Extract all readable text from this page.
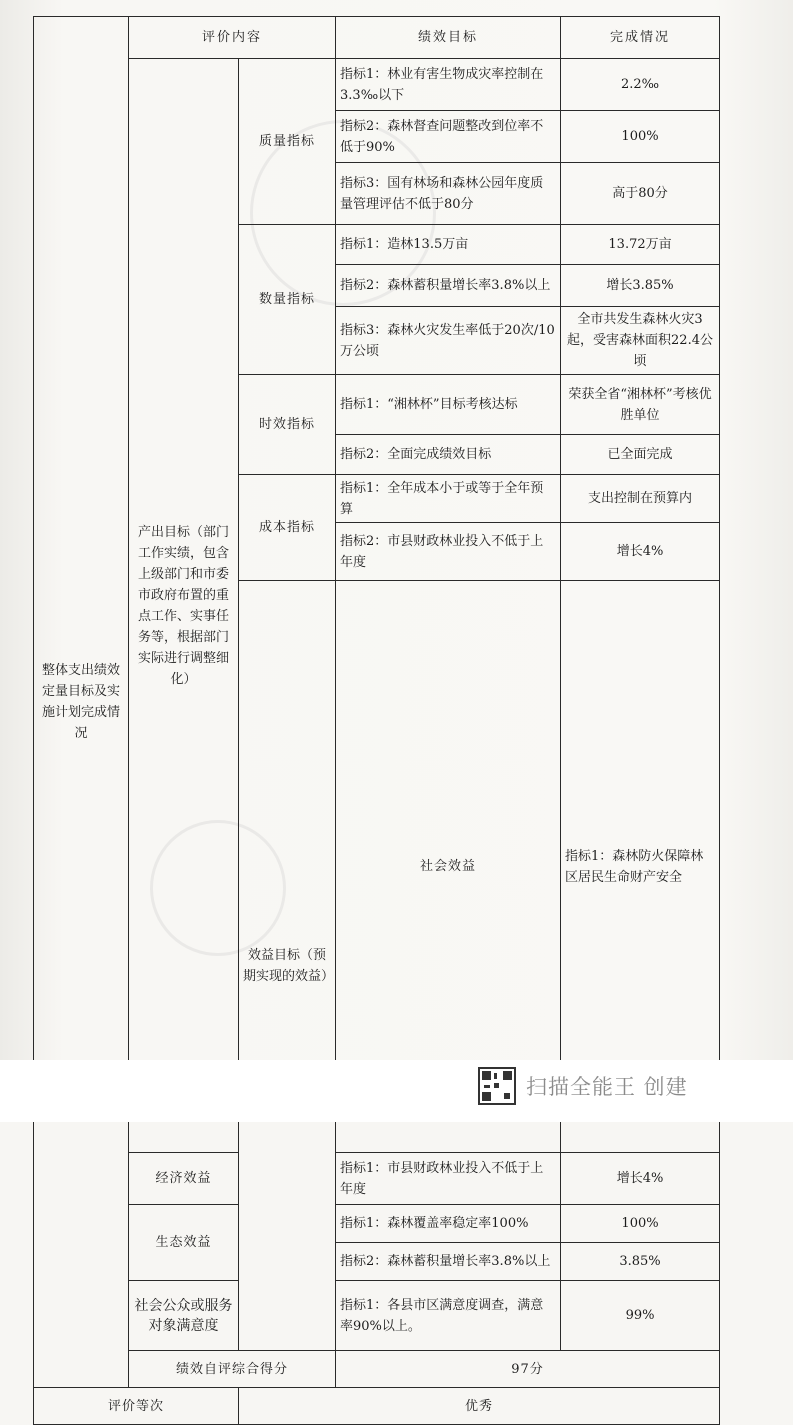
整体支出绩效定量目标及实施计划完成情况	评价内容		绩效目标	完成情况	
	产出目标（部门工作实绩，包含上级部门和市委市政府布置的重点工作、实事任务等，根据部门实际进行调整细化）	质量指标	指标1：林业有害生物成灾率控制在3.3‰以下	2.2‰	
			指标2：森林督查问题整改到位率不低于90%	100%	
			指标3：国有林场和森林公园年度质量管理评估不低于80分	高于80分	
		数量指标	指标1：造林13.5万亩	13.72万亩	
			指标2：森林蓄积量增长率3.8%以上	增长3.85%	
			指标3：森林火灾发生率低于20次/10万公顷	全市共发生森林火灾3起，受害森林面积22.4公顷	
		时效指标	指标1：“湘林杯”目标考核达标	荣获全省“湘林杯”考核优胜单位	
			指标2：全面完成绩效目标	已全面完成	
		成本指标	指标1：全年成本小于或等于全年预算	支出控制在预算内	
			指标2：市县财政林业投入不低于上年度	增长4%	
		效益目标（预期实现的效益）	社会效益	指标1：森林防火保障林区居民生命财产安全	
	经济效益		指标1：市县财政林业投入不低于上年度	增长4%	
	生态效益		指标1：森林覆盖率稳定率100%	100%	
			指标2：森林蓄积量增长率3.8%以上	3.85%	
	社会公众或服务对象满意度		指标1：各县市区满意度调查，满意率90%以上。	99%	
	绩效自评综合得分		97分		
评价等次		优秀			
扫描全能王 创建
